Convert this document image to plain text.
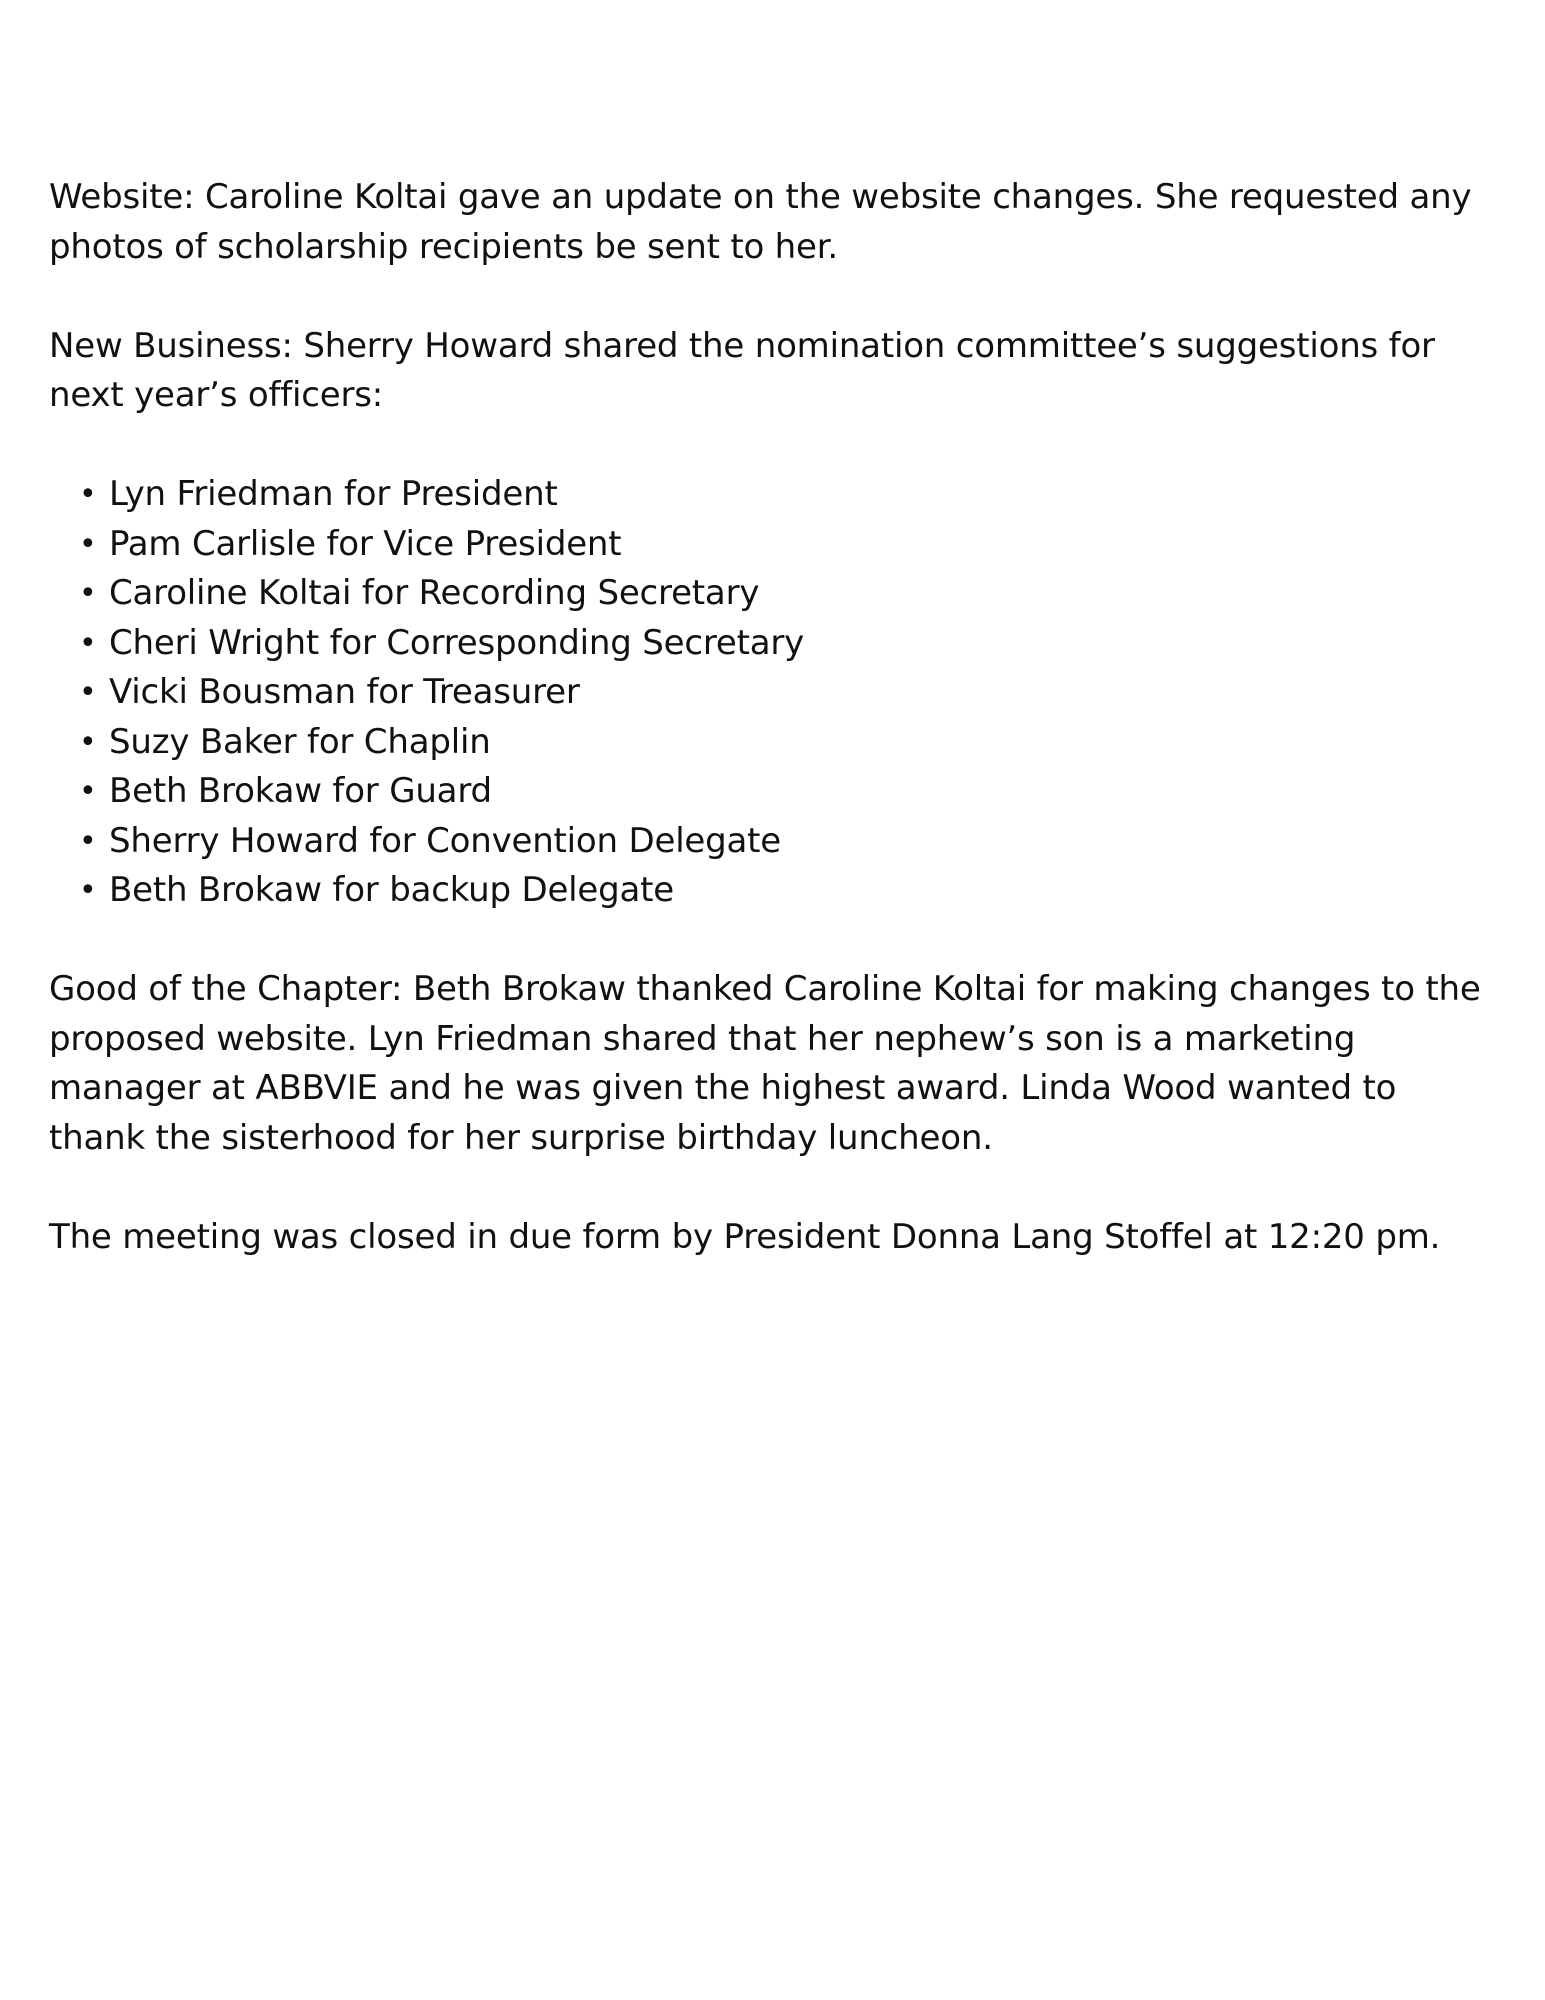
Website: Caroline Koltai gave an update on the website changes. She requested any photos of scholarship recipients be sent to her.

New Business: Sherry Howard shared the nomination committee’s suggestions for next year’s officers:

• Lyn Friedman for President
• Pam Carlisle for Vice President
• Caroline Koltai for Recording Secretary
• Cheri Wright for Corresponding Secretary
• Vicki Bousman for Treasurer
• Suzy Baker for Chaplin
• Beth Brokaw for Guard
• Sherry Howard for Convention Delegate
• Beth Brokaw for backup Delegate

Good of the Chapter: Beth Brokaw thanked Caroline Koltai for making changes to the proposed website. Lyn Friedman shared that her nephew’s son is a marketing manager at ABBVIE and he was given the highest award. Linda Wood wanted to thank the sisterhood for her surprise birthday luncheon.

The meeting was closed in due form by President Donna Lang Stoffel at 12:20 pm.
